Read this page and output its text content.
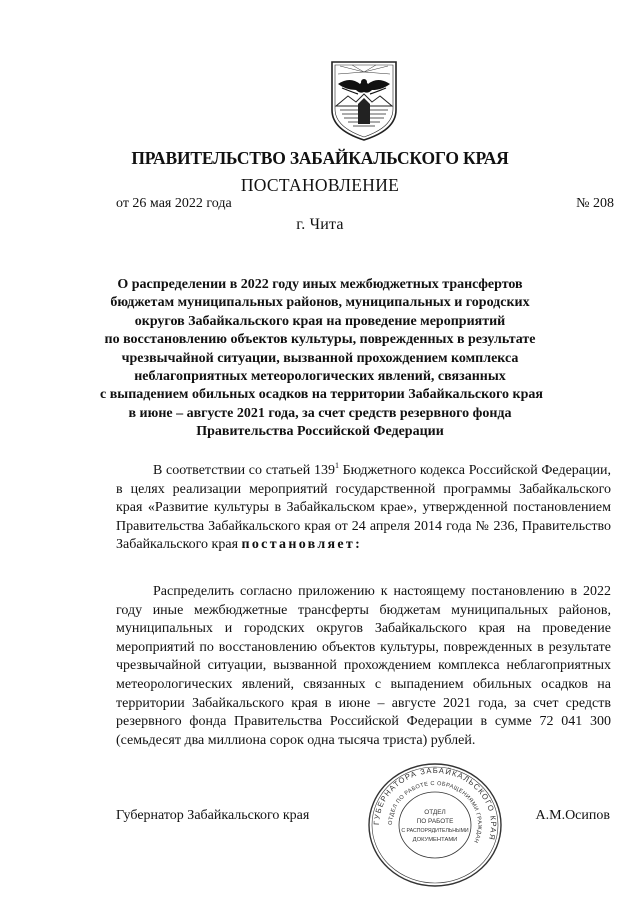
ПРАВИТЕЛЬСТВО ЗАБАЙКАЛЬСКОГО КРАЯ
ПОСТАНОВЛЕНИЕ
от 26 мая 2022 года	№ 208
г. Чита
О распределении в 2022 году иных межбюджетных трансфертов
бюджетам муниципальных районов, муниципальных и городских
округов Забайкальского края на проведение мероприятий
по восстановлению объектов культуры, поврежденных в результате
чрезвычайной ситуации, вызванной прохождением комплекса
неблагоприятных метеорологических явлений, связанных
с выпадением обильных осадков на территории Забайкальского края
в июне – августе 2021 года, за счет средств резервного фонда
Правительства Российской Федерации

В соответствии со статьей $139^1$ Бюджетного кодекса Российской Федерации, в целях реализации мероприятий государственной программы Забайкальского края «Развитие культуры в Забайкальском крае», утвержденной постановлением Правительства Забайкальского края от 24 апреля 2014 года № 236, Правительство Забайкальского края постановляет:

Распределить согласно приложению к настоящему постановлению в 2022 году иные межбюджетные трансферты бюджетам муниципальных районов, муниципальных и городских округов Забайкальского края на проведение мероприятий по восстановлению объектов культуры, поврежденных в результате чрезвычайной ситуации, вызванной прохождением комплекса неблагоприятных метеорологических явлений, связанных с выпадением обильных осадков на территории Забайкальского края в июне – августе 2021 года, за счет средств резервного фонда Правительства Российской Федерации в сумме 72 041 300 (семьдесят два миллиона сорок одна тысяча триста) рублей.

Губернатор Забайкальского края	А.М.Осипов
ГУБЕРНАТОРА ЗАБАЙКАЛЬСКОГО КРАЯ
ОТДЕЛ ПО РАБОТЕ С ОБРАЩЕНИЯМИ ГРАЖДАН
ОТДЕЛ
ПО РАБОТЕ
С РАСПОРЯДИТЕЛЬНЫМИ
ДОКУМЕНТАМИ
